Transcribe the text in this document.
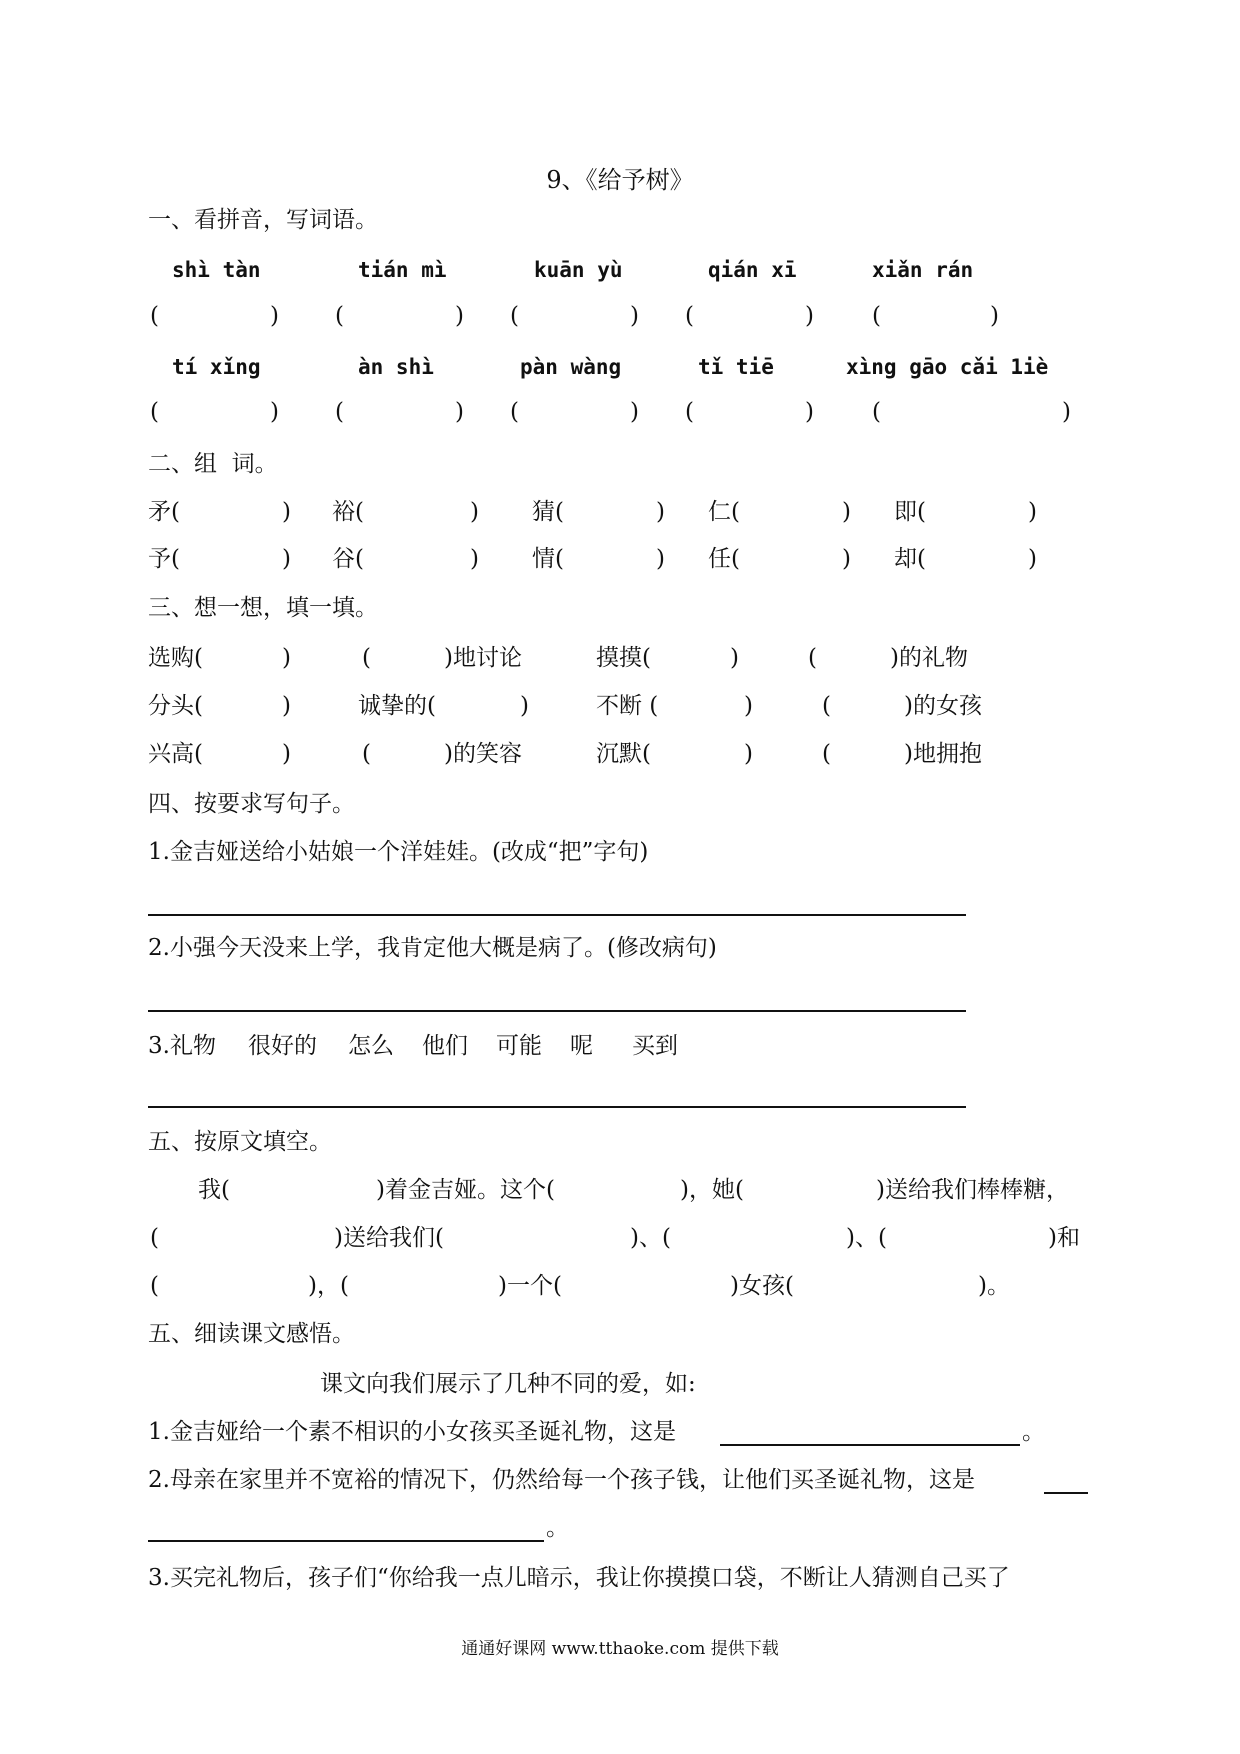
9、《给予树》
一、看拼音，写词语。
shì tàn	tián mì	kuān yù	qián xī	xiǎn rán
(	) (	) (	) (	)	(	)
tí xǐng	àn shì	pàn wàng	tǐ tiē	xìng gāo cǎi 1iè
(	) (	) (	) (	)	(	)
二、组  词。
矛(	) 裕(	) 猜(	) 仁(	) 即(	)
予(	) 谷(	) 情(	) 任(	) 却(	)
三、想一想，填一填。
选购(	)	(	)地讨论	摸摸(	)	(	)的礼物
分头(	)	诚挚的(	)	不断 (	)	(	)的女孩
兴高(	)	(	)的笑容	沉默(	)	(	)地拥抱
四、按要求写句子。
1.金吉娅送给小姑娘一个洋娃娃。(改成“把”字句)
2.小强今天没来上学，我肯定他大概是病了。(修改病句)
3.礼物 很好的 怎么 他们 可能 呢 买到
五、按原文填空。
我(	)着金吉娅。这个(	)，她(	)送给我们棒棒糖，
(	)送给我们(	)、(	)、(	)和
(	)，(	)一个(	)女孩(	)。
五、细读课文感悟。
课文向我们展示了几种不同的爱，如:
1.金吉娅给一个素不相识的小女孩买圣诞礼物，这是	。
2.母亲在家里并不宽裕的情况下，仍然给每一个孩子钱，让他们买圣诞礼物，这是
。
3.买完礼物后，孩子们“你给我一点儿暗示，我让你摸摸口袋，不断让人猜测自己买了
通通好课网 www.tthaoke.com 提供下载
